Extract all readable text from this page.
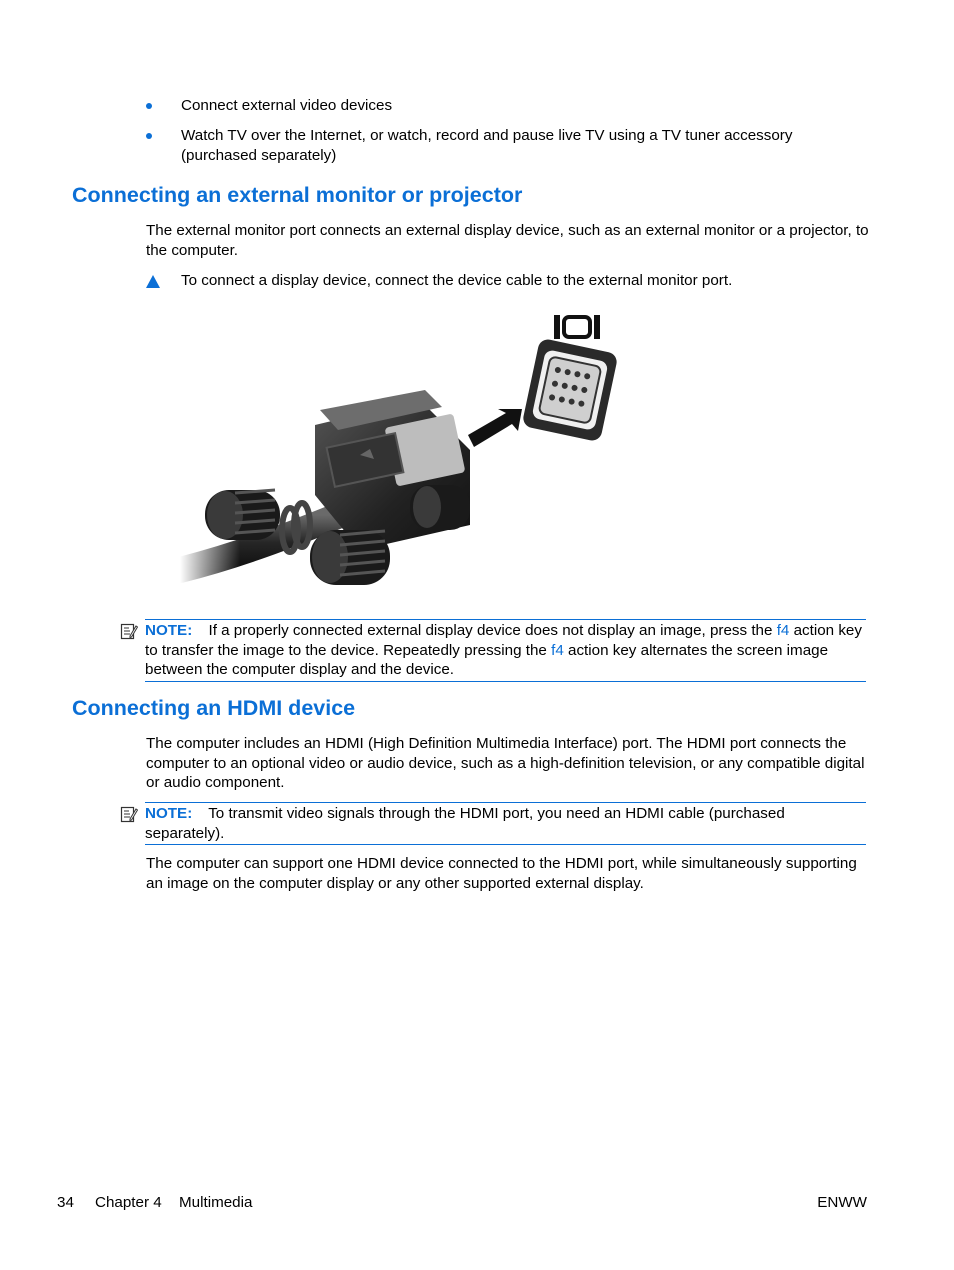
Connect external video devices
Watch TV over the Internet, or watch, record and pause live TV using a TV tuner accessory (purchased separately)
Connecting an external monitor or projector
The external monitor port connects an external display device, such as an external monitor or a projector, to the computer.
To connect a display device, connect the device cable to the external monitor port.
NOTE: If a properly connected external display device does not display an image, press the f4 action key to transfer the image to the device. Repeatedly pressing the f4 action key alternates the screen image between the computer display and the device.
Connecting an HDMI device
The computer includes an HDMI (High Definition Multimedia Interface) port. The HDMI port connects the computer to an optional video or audio device, such as a high-definition television, or any compatible digital or audio component.
NOTE: To transmit video signals through the HDMI port, you need an HDMI cable (purchased separately).
The computer can support one HDMI device connected to the HDMI port, while simultaneously supporting an image on the computer display or any other supported external display.
34 Chapter 4 Multimedia	ENWW
